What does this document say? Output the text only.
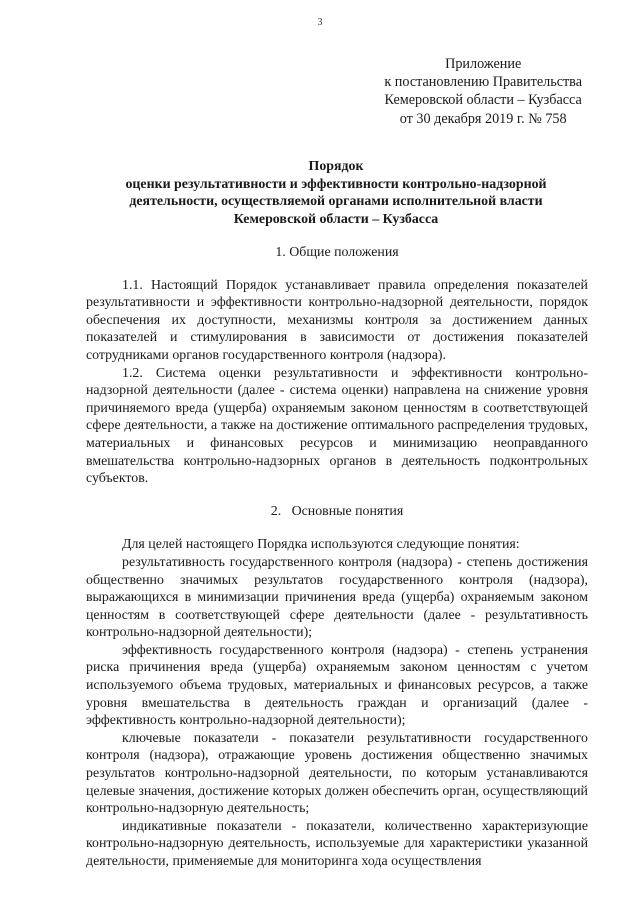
3
Приложение
к постановлению Правительства
Кемеровской области – Кузбасса
от 30 декабря 2019 г. № 758
Порядок
оценки результативности и эффективности контрольно-надзорной
деятельности, осуществляемой органами исполнительной власти
Кемеровской области – Кузбасса
1. Общие положения

1.1. Настоящий Порядок устанавливает правила определения показателей результативности и эффективности контрольно-надзорной деятельности, порядок обеспечения их доступности, механизмы контроля за достижением данных показателей и стимулирования в зависимости от достижения показателей сотрудниками органов государственного контроля (надзора).

1.2. Система оценки результативности и эффективности контрольно-надзорной деятельности (далее - система оценки) направлена на снижение уровня причиняемого вреда (ущерба) охраняемым законом ценностям в соответствующей сфере деятельности, а также на достижение оптимального распределения трудовых, материальных и финансовых ресурсов и минимизацию неоправданного вмешательства контрольно-надзорных органов в деятельность подконтрольных субъектов.

2.   Основные понятия

Для целей настоящего Порядка используются следующие понятия:

результативность государственного контроля (надзора) - степень достижения общественно значимых результатов государственного контроля (надзора), выражающихся в минимизации причинения вреда (ущерба) охраняемым законом ценностям в соответствующей сфере деятельности (далее - результативность контрольно-надзорной деятельности);

эффективность государственного контроля (надзора) - степень устранения риска причинения вреда (ущерба) охраняемым законом ценностям с учетом используемого объема трудовых, материальных и финансовых ресурсов, а также уровня вмешательства в деятельность граждан и организаций (далее - эффективность контрольно-надзорной деятельности);

ключевые показатели - показатели результативности государственного контроля (надзора), отражающие уровень достижения общественно значимых результатов контрольно-надзорной деятельности, по которым устанавливаются целевые значения, достижение которых должен обеспечить орган, осуществляющий контрольно-надзорную деятельность;

индикативные показатели - показатели, количественно характеризующие контрольно-надзорную деятельность, используемые для характеристики указанной деятельности, применяемые для мониторинга хода осуществления
